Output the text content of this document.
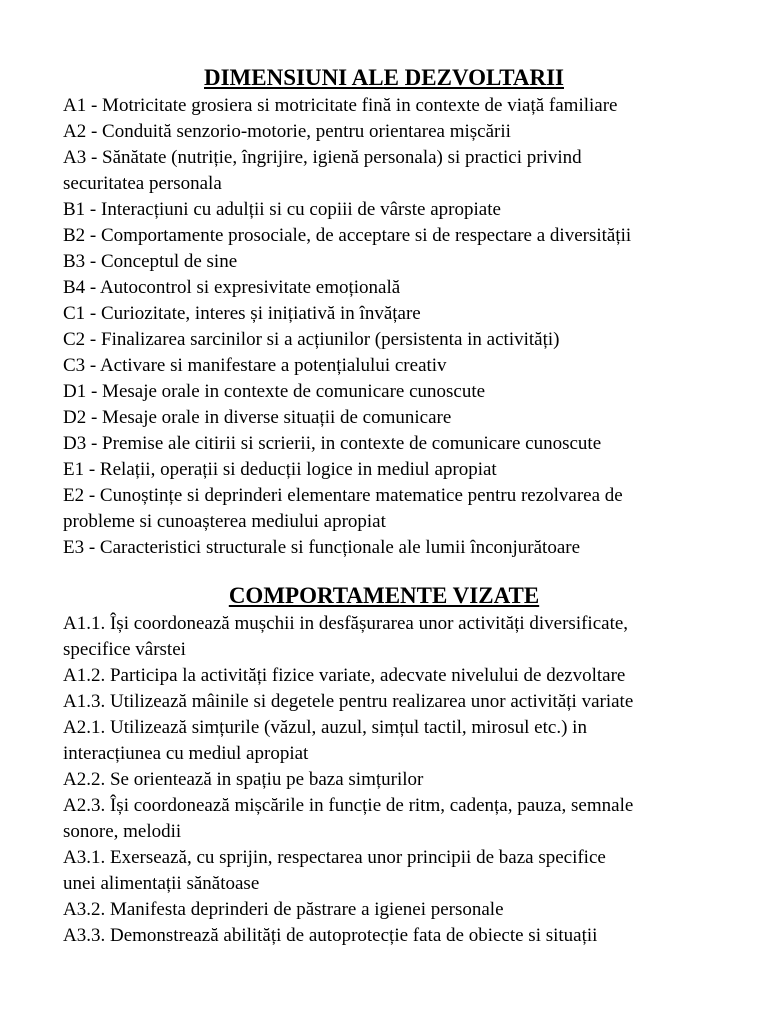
DIMENSIUNI ALE DEZVOLTARII
A1 - Motricitate grosiera si motricitate fină in contexte de viață familiare
A2 - Conduită senzorio-motorie, pentru orientarea mișcării
A3 - Sănătate (nutriție, îngrijire, igienă personala) si practici privind
securitatea personala
B1 - Interacțiuni cu adulții si cu copiii de vârste apropiate
B2 - Comportamente prosociale, de acceptare si de respectare a diversității
B3 - Conceptul de sine
B4 - Autocontrol si expresivitate emoțională
C1 - Curiozitate, interes și inițiativă in învățare
C2 - Finalizarea sarcinilor si a acțiunilor (persistenta in activități)
C3 - Activare si manifestare a potențialului creativ
D1 - Mesaje orale in contexte de comunicare cunoscute
D2 - Mesaje orale in diverse situații de comunicare
D3 - Premise ale citirii si scrierii, in contexte de comunicare cunoscute
E1 - Relații, operații si deducții logice in mediul apropiat
E2 - Cunoștințe si deprinderi elementare matematice pentru rezolvarea de
probleme si cunoașterea mediului apropiat
E3 - Caracteristici structurale si funcționale ale lumii înconjurătoare
COMPORTAMENTE VIZATE
A1.1. Își coordonează mușchii in desfășurarea unor activități diversificate,
specifice vârstei
A1.2. Participa la activități fizice variate, adecvate nivelului de dezvoltare
A1.3. Utilizează mâinile si degetele pentru realizarea unor activități variate
A2.1. Utilizează simțurile (văzul, auzul, simțul tactil, mirosul etc.) in
interacțiunea cu mediul apropiat
A2.2. Se orientează in spațiu pe baza simțurilor
A2.3. Își coordonează mișcările in funcție de ritm, cadența, pauza, semnale
sonore, melodii
A3.1. Exersează, cu sprijin, respectarea unor principii de baza specifice
unei alimentații sănătoase
A3.2. Manifesta deprinderi de păstrare a igienei personale
A3.3. Demonstrează abilități de autoprotecție fata de obiecte si situații
